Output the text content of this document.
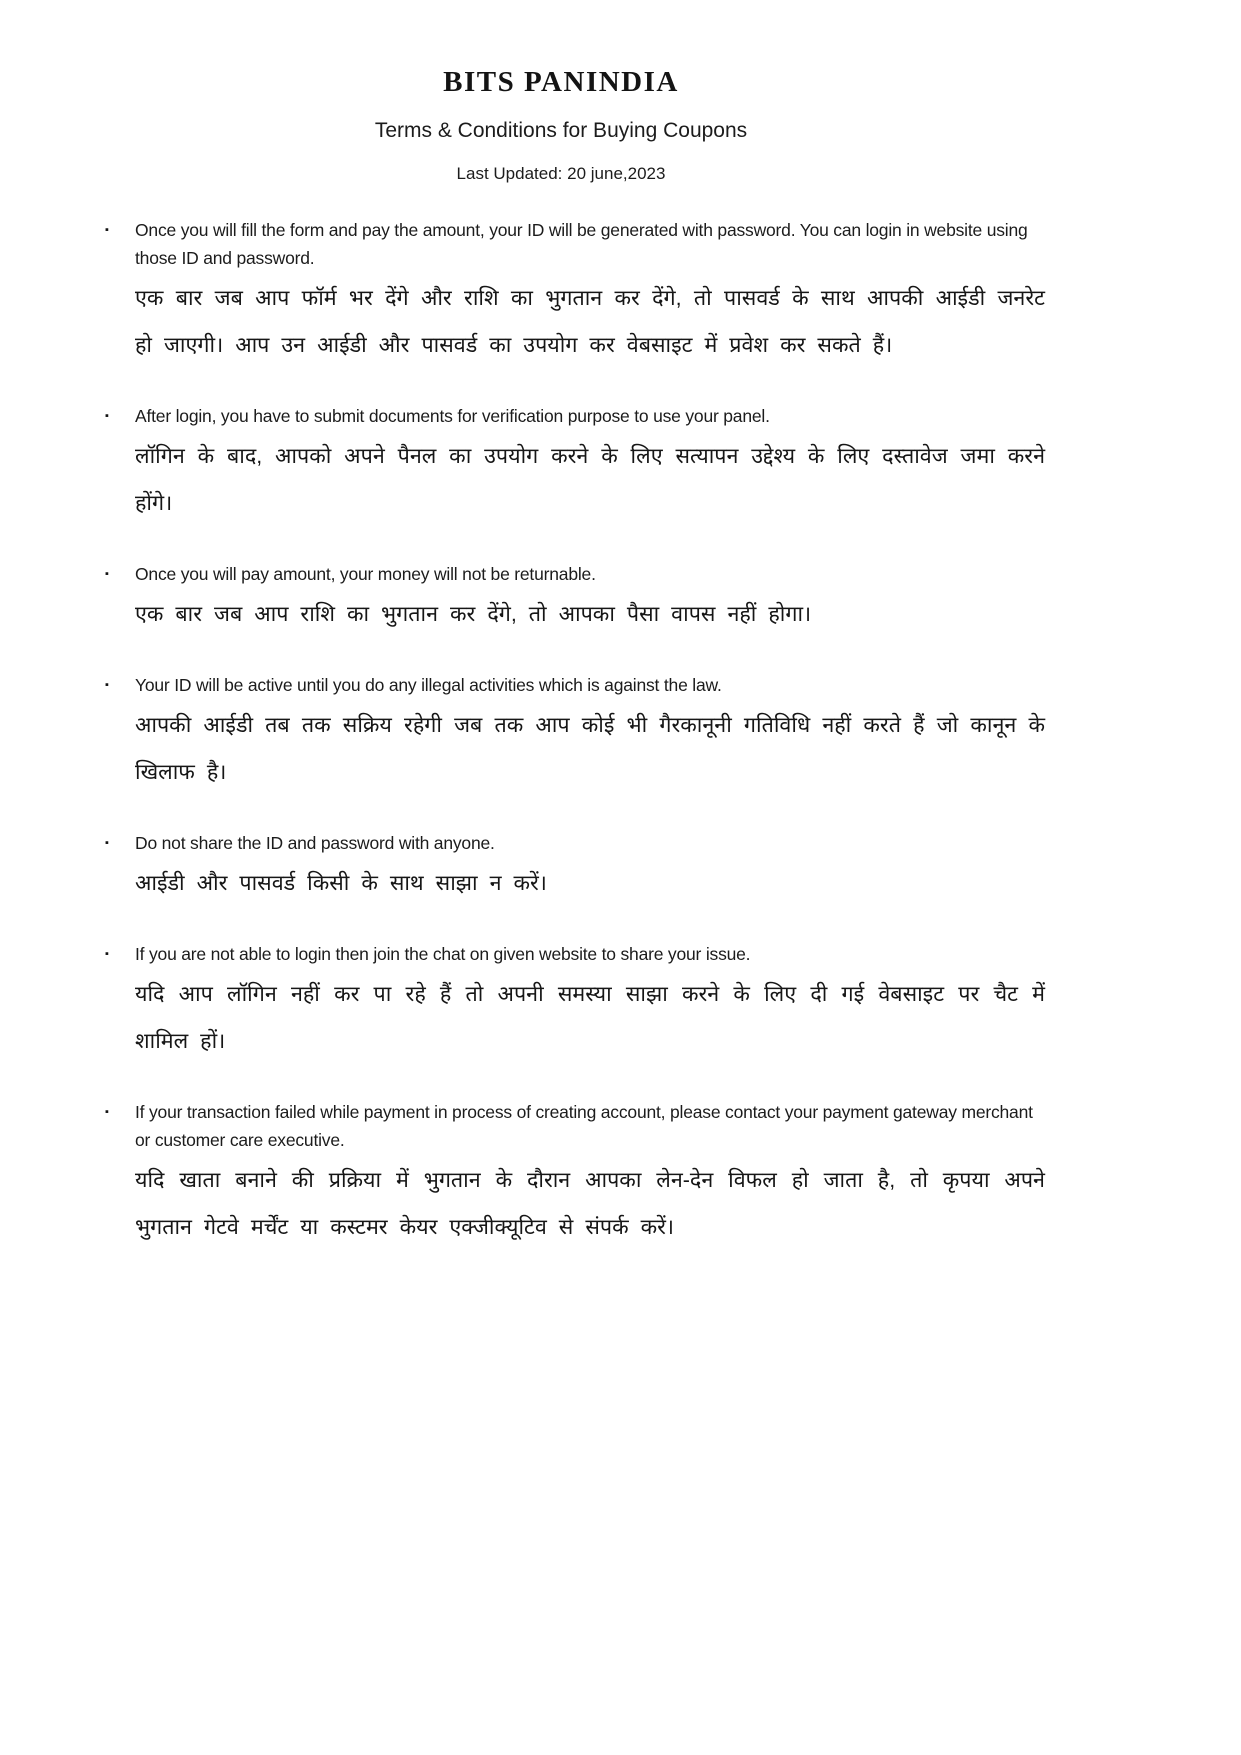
BITS PANINDIA
Terms & Conditions for Buying Coupons

Last Updated: 20 june,2023

▪	Once you will fill the form and pay the amount, your ID will be generated with password. You can login in website using those ID and password.

एक बार जब आप फॉर्म भर देंगे और राशि का भुगतान कर देंगे, तो पासवर्ड के साथ आपकी आईडी जनरेट हो जाएगी। आप उन आईडी और पासवर्ड का उपयोग कर वेबसाइट में प्रवेश कर सकते हैं।

▪	After login, you have to submit documents for verification purpose to use your panel.

लॉगिन के बाद, आपको अपने पैनल का उपयोग करने के लिए सत्यापन उद्देश्य के लिए दस्तावेज जमा करने होंगे।

▪	Once you will pay amount, your money will not be returnable.

एक बार जब आप राशि का भुगतान कर देंगे, तो आपका पैसा वापस नहीं होगा।

▪	Your ID will be active until you do any illegal activities which is against the law.

आपकी आईडी तब तक सक्रिय रहेगी जब तक आप कोई भी गैरकानूनी गतिविधि नहीं करते हैं जो कानून के खिलाफ है।

▪	Do not share the ID and password with anyone.

आईडी और पासवर्ड किसी के साथ साझा न करें।

▪	If you are not able to login then join the chat on given website to share your issue.

यदि आप लॉगिन नहीं कर पा रहे हैं तो अपनी समस्या साझा करने के लिए दी गई वेबसाइट पर चैट में शामिल हों।

▪	If your transaction failed while payment in process of creating account, please contact your payment gateway merchant or customer care executive.

यदि खाता बनाने की प्रक्रिया में भुगतान के दौरान आपका लेन-देन विफल हो जाता है, तो कृपया अपने भुगतान गेटवे मर्चेंट या कस्टमर केयर एक्जीक्यूटिव से संपर्क करें।
